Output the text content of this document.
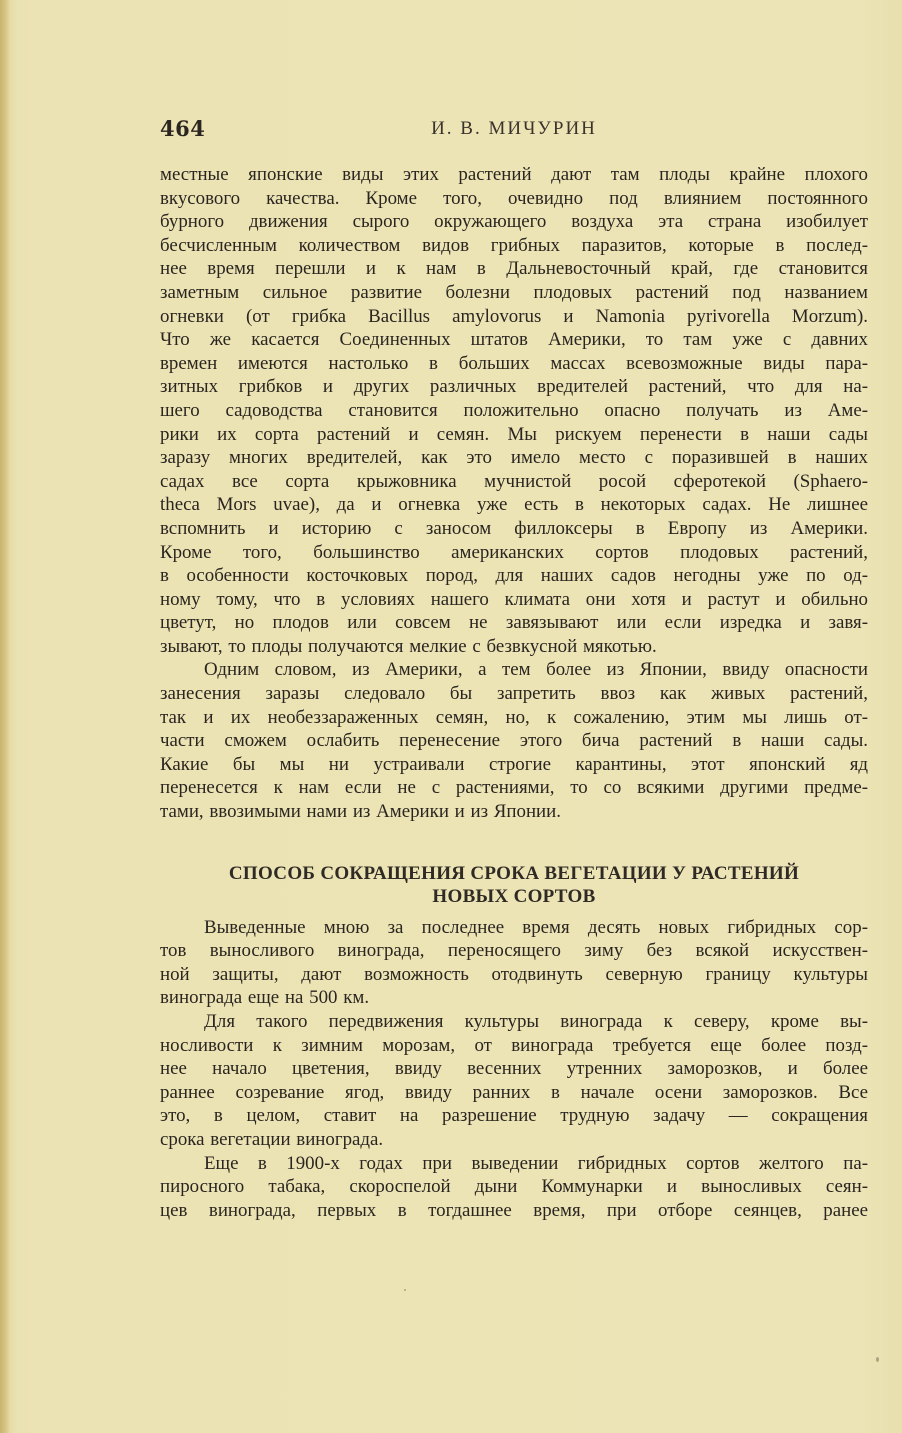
464	И. В. МИЧУРИН

местные японские виды этих растений дают там плоды крайне плохого

вкусового качества. Кроме того, очевидно под влиянием постоянного

бурного движения сырого окружающего воздуха эта страна изобилует

бесчисленным количеством видов грибных паразитов, которые в послед-

нее время перешли и к нам в Дальневосточный край, где становится

заметным сильное развитие болезни плодовых растений под названием

огневки (от грибка Bacillus amylovorus и Namonia pyrivorella Morzum).

Что же касается Соединенных штатов Америки, то там уже с давних

времен имеются настолько в больших массах всевозможные виды пара-

зитных грибков и других различных вредителей растений, что для на-

шего садоводства становится положительно опасно получать из Аме-

рики их сорта растений и семян. Мы рискуем перенести в наши сады

заразу многих вредителей, как это имело место с поразившей в наших

садах все сорта крыжовника мучнистой росой сферотекой (Sphaero-

theca Mors uvae), да и огневка уже есть в некоторых садах. Не лишнее

вспомнить и историю с заносом филлоксеры в Европу из Америки.

Кроме того, большинство американских сортов плодовых растений,

в особенности косточковых пород, для наших садов негодны уже по од-

ному тому, что в условиях нашего климата они хотя и растут и обильно

цветут, но плодов или совсем не завязывают или если изредка и завя-

зывают, то плоды получаются мелкие с безвкусной мякотью.

Одним словом, из Америки, а тем более из Японии, ввиду опасности

занесения заразы следовало бы запретить ввоз как живых растений,

так и их необеззараженных семян, но, к сожалению, этим мы лишь от-

части сможем ослабить перенесение этого бича растений в наши сады.

Какие бы мы ни устраивали строгие карантины, этот японский яд

перенесется к нам если не с растениями, то со всякими другими предме-

тами, ввозимыми нами из Америки и из Японии.

СПОСОБ СОКРАЩЕНИЯ СРОКА ВЕГЕТАЦИИ У РАСТЕНИЙ
НОВЫХ СОРТОВ

Выведенные мною за последнее время десять новых гибридных сор-

тов выносливого винограда, переносящего зиму без всякой искусствен-

ной защиты, дают возможность отодвинуть северную границу культуры

винограда еще на 500 км.

Для такого передвижения культуры винограда к северу, кроме вы-

носливости к зимним морозам, от винограда требуется еще более позд-

нее начало цветения, ввиду весенних утренних заморозков, и более

раннее созревание ягод, ввиду ранних в начале осени заморозков. Все

это, в целом, ставит на разрешение трудную задачу — сокращения

срока вегетации винограда.

Еще в 1900-х годах при выведении гибридных сортов желтого па-

пиросного табака, скороспелой дыни Коммунарки и выносливых сеян-

цев винограда, первых в тогдашнее время, при отборе сеянцев, ранее
